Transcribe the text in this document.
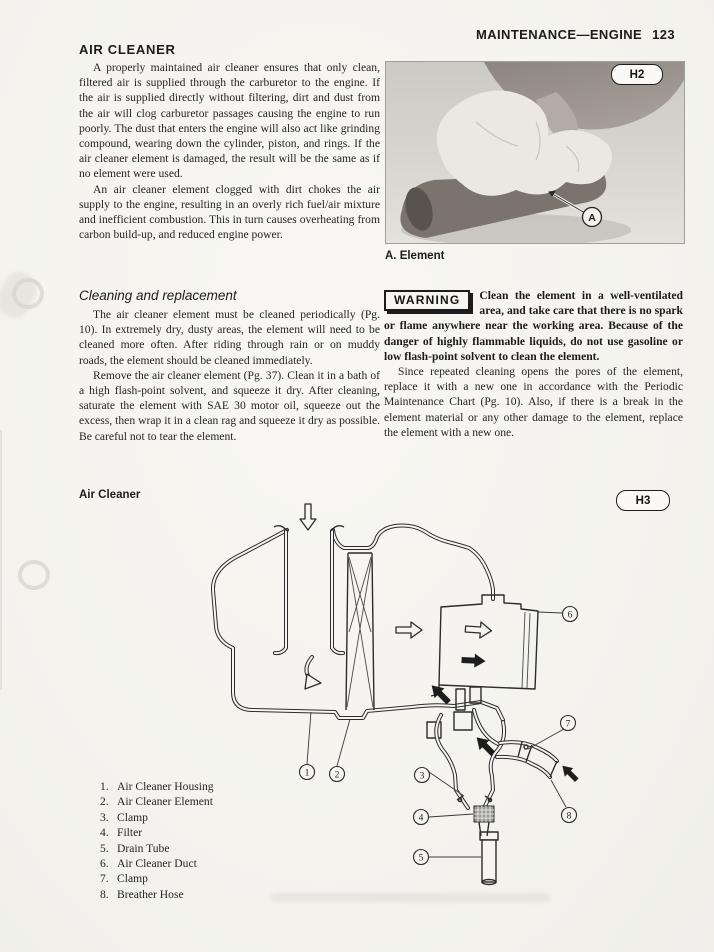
MAINTENANCE—ENGINE 123
AIR CLEANER

A properly maintained air cleaner ensures that only clean, filtered air is supplied through the carburetor to the engine. If the air is supplied directly without filtering, dirt and dust from the air will clog carburetor passages causing the engine to run poorly. The dust that enters the engine will also act like grinding compound, wearing down the cylinder, piston, and rings. If the air cleaner element is damaged, the result will be the same as if no element were used.

An air cleaner element clogged with dirt chokes the air supply to the engine, resulting in an overly rich fuel/air mixture and inefficient combustion. This in turn causes overheating from carbon build-up, and reduced engine power.

A
H2
A. Element
Cleaning and replacement

The air cleaner element must be cleaned periodically (Pg. 10). In extremely dry, dusty areas, the element will need to be cleaned more often. After riding through rain or on muddy roads, the element should be cleaned immediately.

Remove the air cleaner element (Pg. 37). Clean it in a bath of a high flash-point solvent, and squeeze it dry. After cleaning, saturate the element with SAE 30 motor oil, squeeze out the excess, then wrap it in a clean rag and squeeze it dry as possible. Be careful not to tear the element.

WARNING	Clean the element in a well-ventilated area, and take care that there is no spark or flame anywhere near the working area. Because of the danger of highly flammable liquids, do not use gasoline or low flash-point solvent to clean the element.

Since repeated cleaning opens the pores of the element, replace it with a new one in accordance with the Periodic Maintenance Chart (Pg. 10). Also, if there is a break in the element material or any other damage to the element, replace the element with a new one.

Air Cleaner	H3
1	2	3
4
5
6
7
8
1. Air Cleaner Housing
2. Air Cleaner Element
3. Clamp
4. Filter
5. Drain Tube
6. Air Cleaner Duct
7. Clamp
8. Breather Hose
